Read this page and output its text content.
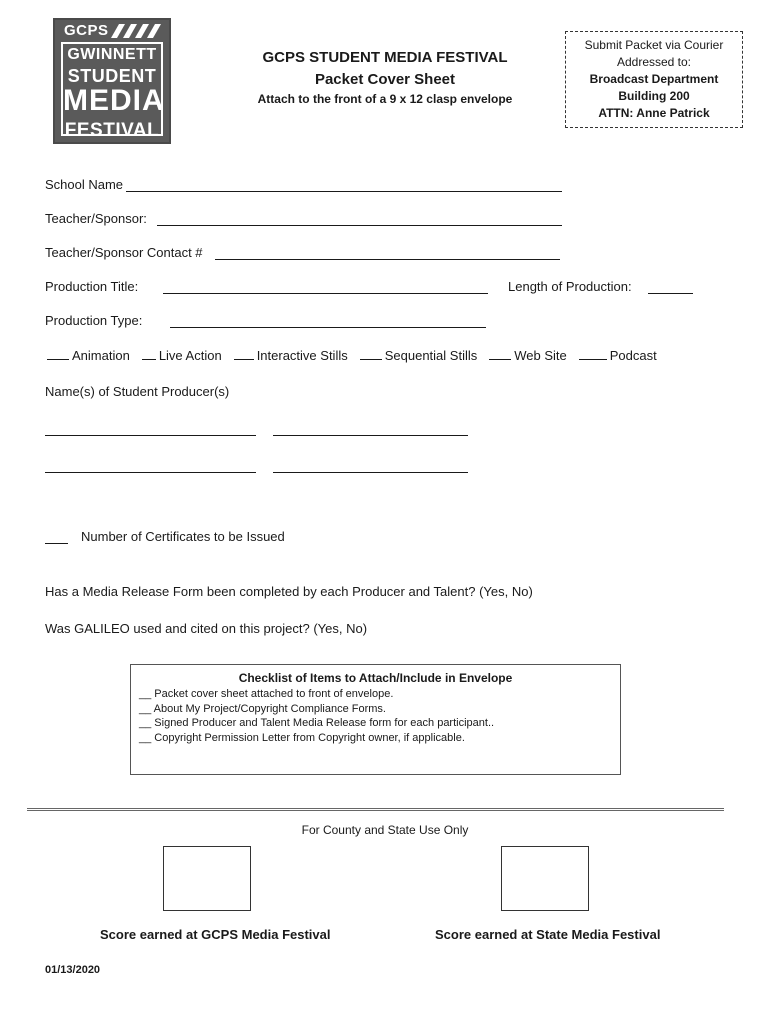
GCPS
GWINNETT
STUDENT
MEDIA
FESTIVAL
GCPS STUDENT MEDIA FESTIVAL
Packet Cover Sheet
Attach to the front of a 9 x 12 clasp envelope
Submit Packet via Courier
Addressed to:
Broadcast Department
Building 200
ATTN: Anne Patrick
School Name
Teacher/Sponsor:
Teacher/Sponsor Contact #
Production Title:	Length of Production:
Production Type:
Animation Live Action	Interactive Stills	Sequential Stills	Web Site	Podcast
Name(s) of Student Producer(s)
Number of Certificates to be Issued
Has a Media Release Form been completed by each Producer and Talent? (Yes, No)
Was GALILEO used and cited on this project? (Yes, No)
Checklist of Items to Attach/Include in Envelope
__ Packet cover sheet attached to front of envelope.
__ About My Project/Copyright Compliance Forms.
__ Signed Producer and Talent Media Release form for each participant..
__ Copyright Permission Letter from Copyright owner, if applicable.
For County and State Use Only
Score earned at GCPS Media Festival	Score earned at State Media Festival
01/13/2020
